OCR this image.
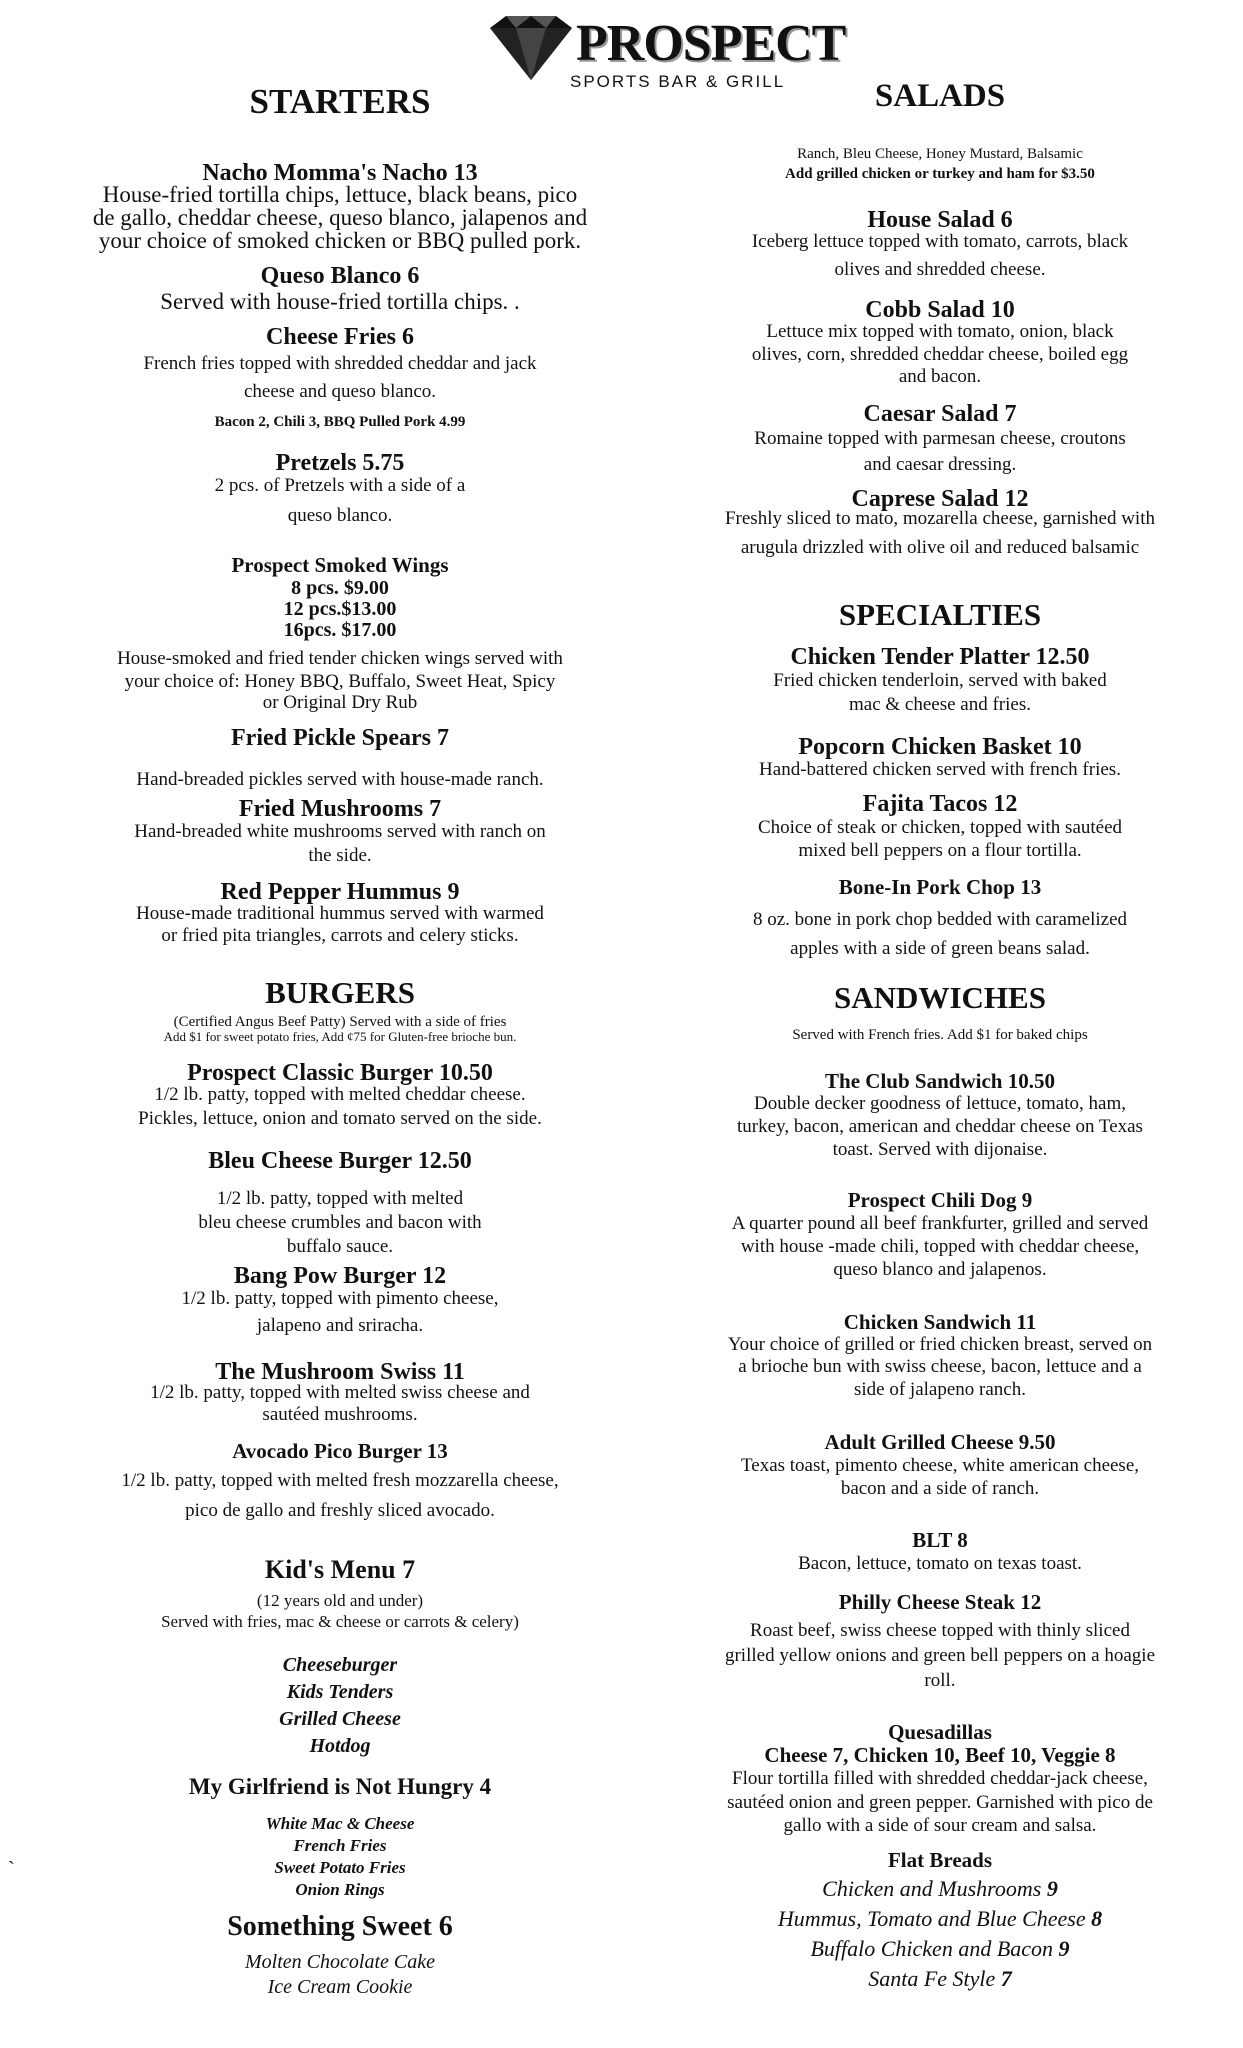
PROSPECT
SPORTS BAR & GRILL
STARTERS
Nacho Momma's Nacho 13
House-fried tortilla chips, lettuce, black beans, pico
de gallo, cheddar cheese, queso blanco, jalapenos and
your choice of smoked chicken or BBQ pulled pork.
Queso Blanco 6
Served with house-fried tortilla chips. .
Cheese Fries 6
French fries topped with shredded cheddar and jack
cheese and queso blanco.
Bacon 2, Chili 3, BBQ Pulled Pork 4.99
Pretzels 5.75
2 pcs. of Pretzels with a side of a
queso blanco.
Prospect Smoked Wings
8 pcs. $9.00
12 pcs.$13.00
16pcs. $17.00
House-smoked and fried tender chicken wings served with
your choice of: Honey BBQ, Buffalo, Sweet Heat, Spicy
or Original Dry Rub
Fried Pickle Spears 7
Hand-breaded pickles served with house-made ranch.
Fried Mushrooms 7
Hand-breaded white mushrooms served with ranch on
the side.
Red Pepper Hummus 9
House-made traditional hummus served with warmed
or fried pita triangles, carrots and celery sticks.
BURGERS
(Certified Angus Beef Patty) Served with a side of fries
Add $1 for sweet potato fries, Add ¢75 for Gluten-free brioche bun.
Prospect Classic Burger 10.50
1/2 lb. patty, topped with melted cheddar cheese.
Pickles, lettuce, onion and tomato served on the side.
Bleu Cheese Burger 12.50
1/2 lb. patty, topped with melted
bleu cheese crumbles and bacon with
buffalo sauce.
Bang Pow Burger 12
1/2 lb. patty, topped with pimento cheese,
jalapeno and sriracha.
The Mushroom Swiss 11
1/2 lb. patty, topped with melted swiss cheese and
sautéed mushrooms.
Avocado Pico Burger 13
1/2 lb. patty, topped with melted fresh mozzarella cheese,
pico de gallo and freshly sliced avocado.
Kid's Menu 7
(12 years old and under)
Served with fries, mac & cheese or carrots & celery)
Cheeseburger
Kids Tenders
Grilled Cheese
Hotdog
My Girlfriend is Not Hungry 4
White Mac & Cheese
French Fries
Sweet Potato Fries
Onion Rings
`
Something Sweet 6
Molten Chocolate Cake
Ice Cream Cookie
SALADS
Ranch, Bleu Cheese, Honey Mustard, Balsamic
Add grilled chicken or turkey and ham for $3.50
House Salad 6
Iceberg lettuce topped with tomato, carrots, black
olives and shredded cheese.
Cobb Salad 10
Lettuce mix topped with tomato, onion, black
olives, corn, shredded cheddar cheese, boiled egg
and bacon.
Caesar Salad 7
Romaine topped with parmesan cheese, croutons
and caesar dressing.
Caprese Salad 12
Freshly sliced to mato, mozarella cheese, garnished with
arugula drizzled with olive oil and reduced balsamic
SPECIALTIES
Chicken Tender Platter 12.50
Fried chicken tenderloin, served with baked
mac & cheese and fries.
Popcorn Chicken Basket 10
Hand-battered chicken served with french fries.
Fajita Tacos 12
Choice of steak or chicken, topped with sautéed
mixed bell peppers on a flour tortilla.
Bone-In Pork Chop 13
8 oz. bone in pork chop bedded with caramelized
apples with a side of green beans salad.
SANDWICHES
Served with French fries. Add $1 for baked chips
The Club Sandwich 10.50
Double decker goodness of lettuce, tomato, ham,
turkey, bacon, american and cheddar cheese on Texas
toast. Served with dijonaise.
Prospect Chili Dog 9
A quarter pound all beef frankfurter, grilled and served
with house -made chili, topped with cheddar cheese,
queso blanco and jalapenos.
Chicken Sandwich 11
Your choice of grilled or fried chicken breast, served on
a brioche bun with swiss cheese, bacon, lettuce and a
side of jalapeno ranch.
Adult Grilled Cheese 9.50
Texas toast, pimento cheese, white american cheese,
bacon and a side of ranch.
BLT 8
Bacon, lettuce, tomato on texas toast.
Philly Cheese Steak 12
Roast beef, swiss cheese topped with thinly sliced
grilled yellow onions and green bell peppers on a hoagie
roll.
Quesadillas
Cheese 7, Chicken 10, Beef 10, Veggie 8
Flour tortilla filled with shredded cheddar-jack cheese,
sautéed onion and green pepper. Garnished with pico de
gallo with a side of sour cream and salsa.
Flat Breads
Chicken and Mushrooms 9
Hummus, Tomato and Blue Cheese 8
Buffalo Chicken and Bacon 9
Santa Fe Style 7
